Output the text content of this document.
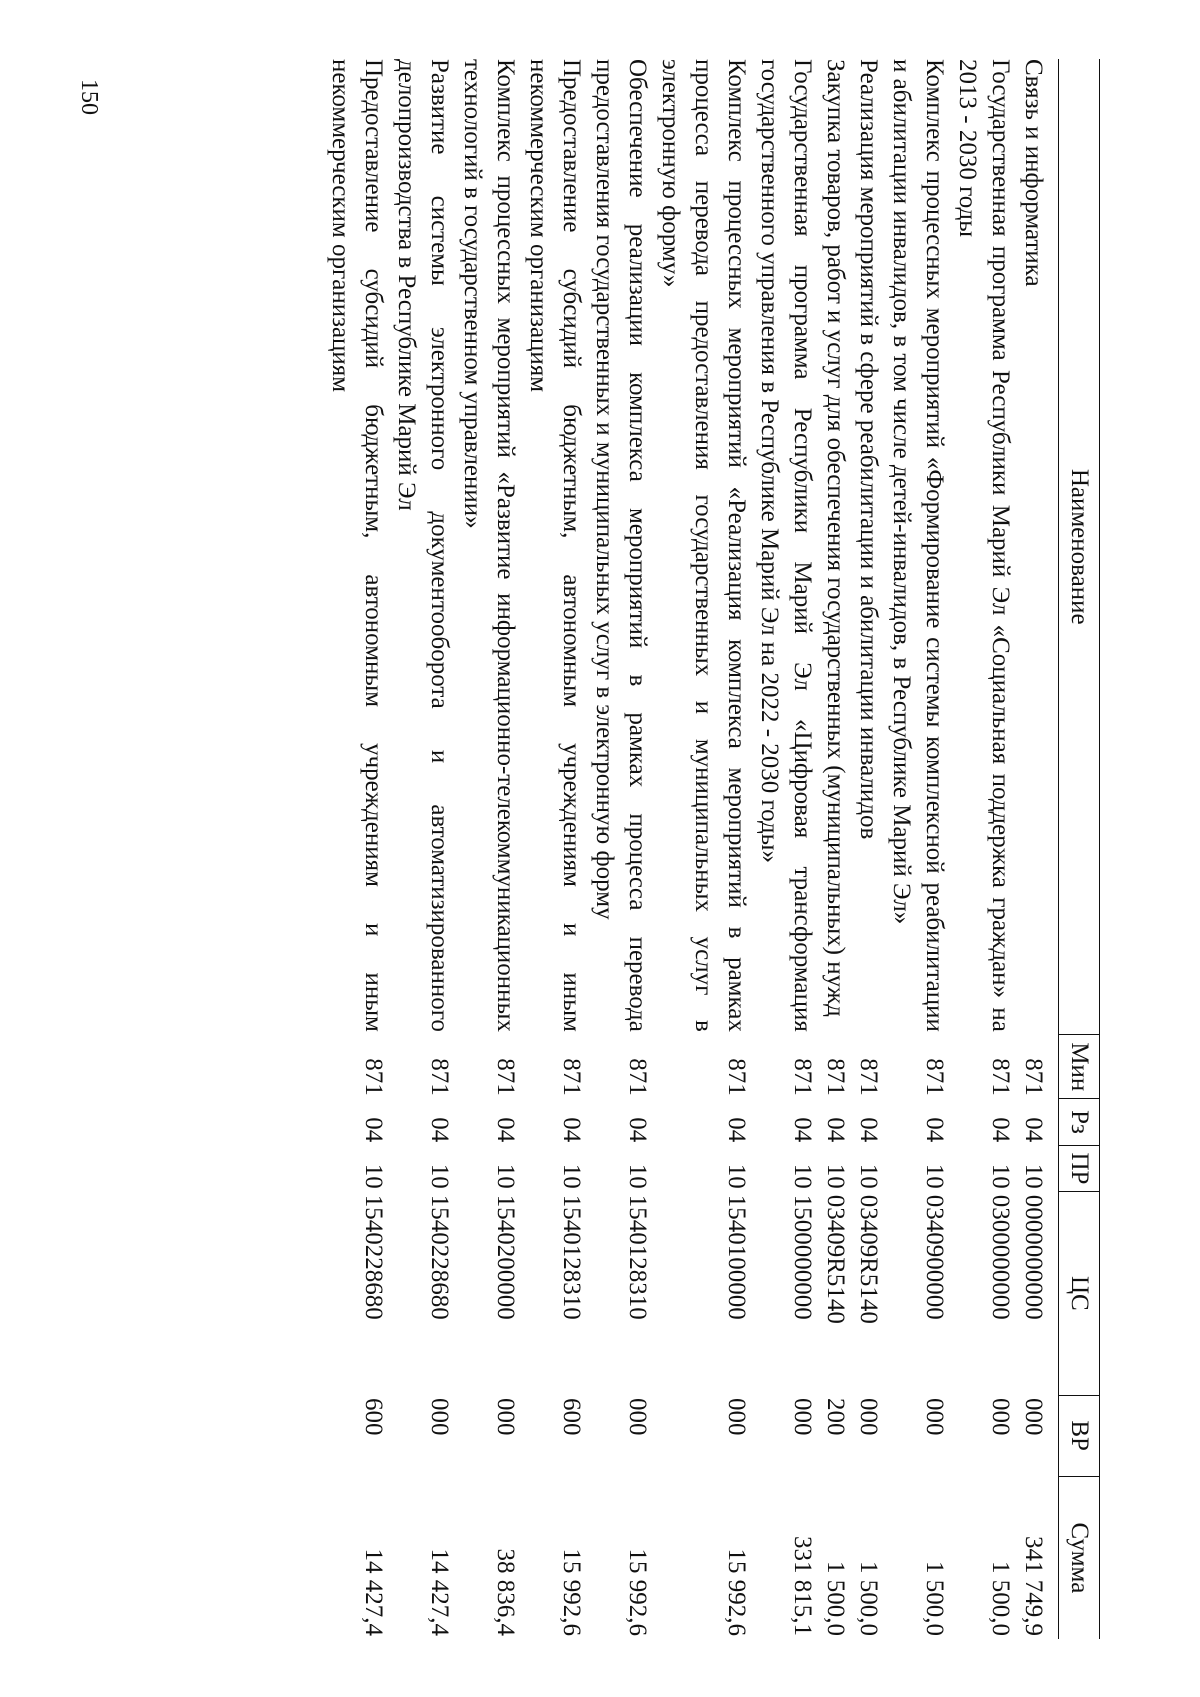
150
Наименование	Мин	Рз	ПР	ЦС	ВР	Сумма
Связь и информатика	871	04	10	0000000000	000	341 749,9
Государственная программа Республики Марий Эл «Социальная поддержка граждан» на 2013 - 2030 годы	871	04	10	0300000000	000	1 500,0
Комплекс процессных мероприятий «Формирование системы комплексной реабилитации и абилитации инвалидов, в том числе детей-инвалидов, в Республике Марий Эл»	871	04	10	0340900000	000	1 500,0
Реализация мероприятий в сфере реабилитации и абилитации инвалидов	871	04	10	03409R5140	000	1 500,0
Закупка товаров, работ и услуг для обеспечения государственных (муниципальных) нужд	871	04	10	03409R5140	200	1 500,0
Государственная программа Республики Марий Эл «Цифровая трансформация государственного управления в Республике Марий Эл на 2022 - 2030 годы»	871	04	10	1500000000	000	331 815,1
Комплекс процессных мероприятий «Реализация комплекса мероприятий в рамках процесса перевода предоставления государственных и муниципальных услуг в электронную форму»	871	04	10	1540100000	000	15 992,6
Обеспечение реализации комплекса мероприятий в рамках процесса перевода предоставления государственных и муниципальных услуг в электронную форму	871	04	10	1540128310	000	15 992,6
Предоставление субсидий бюджетным, автономным учреждениям и иным некоммерческим организациям	871	04	10	1540128310	600	15 992,6
Комплекс процессных мероприятий «Развитие информационно-телекоммуникационных технологий в государственном управлении»	871	04	10	1540200000	000	38 836,4
Развитие системы электронного документооборота и автоматизированного делопроизводства в Республике Марий Эл	871	04	10	1540228680	000	14 427,4
Предоставление субсидий бюджетным, автономным учреждениям и иным некоммерческим организациям	871	04	10	1540228680	600	14 427,4
